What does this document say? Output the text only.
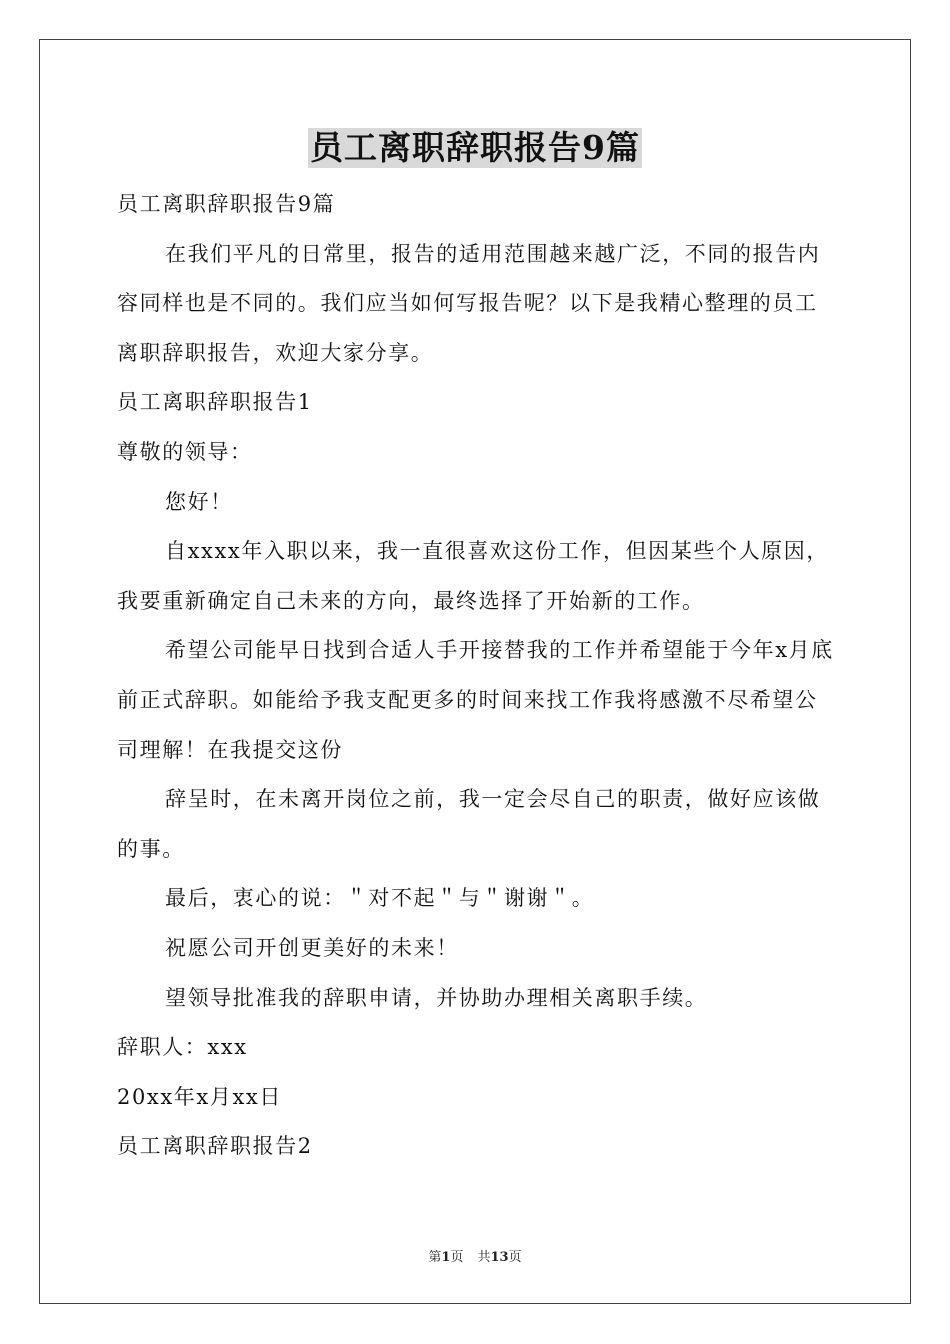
员工离职辞职报告9篇

员工离职辞职报告9篇

在我们平凡的日常里，报告的适用范围越来越广泛，不同的报告内容同样也是不同的。我们应当如何写报告呢？以下是我精心整理的员工离职辞职报告，欢迎大家分享。

员工离职辞职报告1

尊敬的领导：

您好！

自xxxx年入职以来，我一直很喜欢这份工作，但因某些个人原因，我要重新确定自己未来的方向，最终选择了开始新的工作。

希望公司能早日找到合适人手开接替我的工作并希望能于今年x月底前正式辞职。如能给予我支配更多的时间来找工作我将感激不尽希望公司理解！在我提交这份

辞呈时，在未离开岗位之前，我一定会尽自己的职责，做好应该做的事。

最后，衷心的说：＂对不起＂与＂谢谢＂。

祝愿公司开创更美好的未来！

望领导批准我的辞职申请，并协助办理相关离职手续。

辞职人：xxx

20xx年x月xx日

员工离职辞职报告2

第1页 共13页
